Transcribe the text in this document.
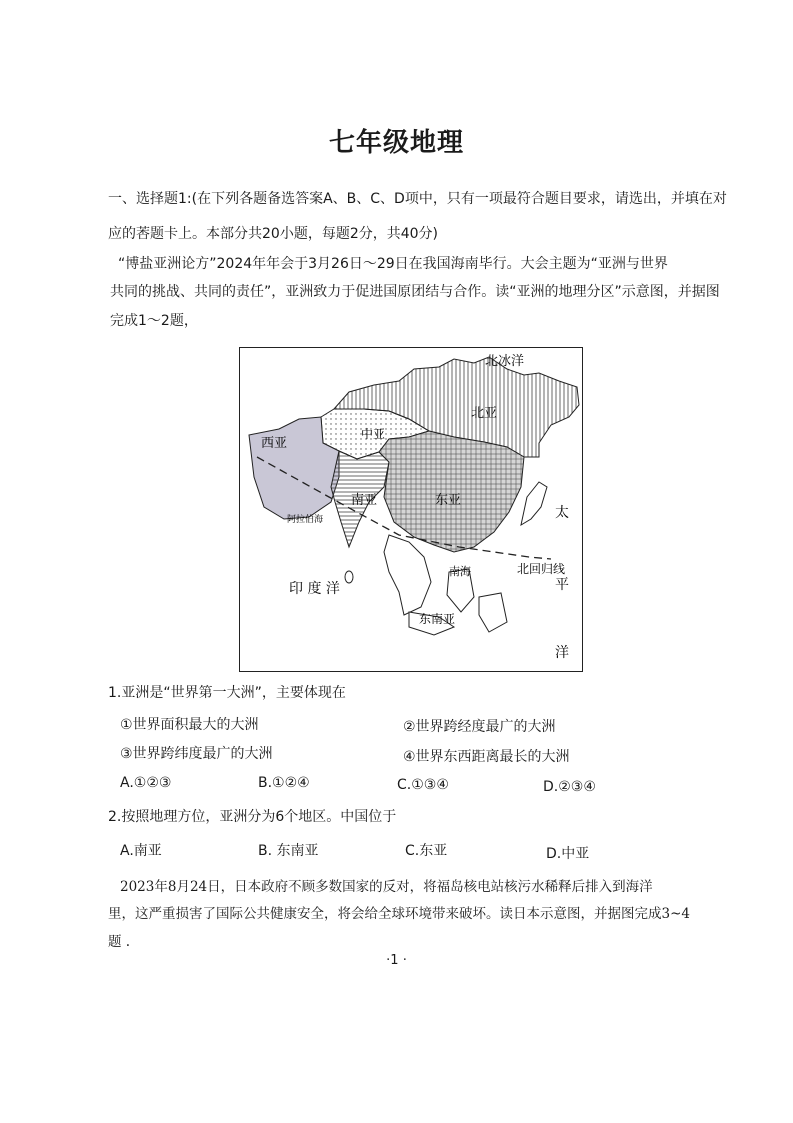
七年级地理
一、选择题1:(在下列各题备选答案A、B、C、D项中，只有一项最符合题目要求，请选出，并填在对
应的莕题卡上。本部分共20小题，每题2分，共40分)
“博盐亚洲论方”2024年年会于3月26日～29日在我国海南毕行。大会主题为“亚洲与世界
共同的挑战、共同的责任”，亚洲致力于促进国原团结与合作。读“亚洲的地理分区”示意图，并据图
完成1～2题，
北冰洋
北亚
中亚
西亚
南亚	东亚
阿拉伯海
南海
东南亚
印 度 洋
北回归线
太
平
洋
1.亚洲是“世界第一大洲”，主要体现在
①世界面积最大的大洲	②世界跨经度最广的大洲
③世界跨纬度最广的大洲	④世界东西距离最长的大洲
A.①②③	B.①②④	C.①③④	D.②③④
2.按照地理方位，亚洲分为6个地区。中国位于
A.南亚	B. 东南亚	C.东亚	D.中亚
2023年8月24日，日本政府不顾多数国家的反对，将福岛核电站核污水稀释后排入到海洋
里，这严重损害了国际公共健康安全，将会给全球环境带来破坏。读日本示意图，并据图完成3~4
题 .
·1 ·
